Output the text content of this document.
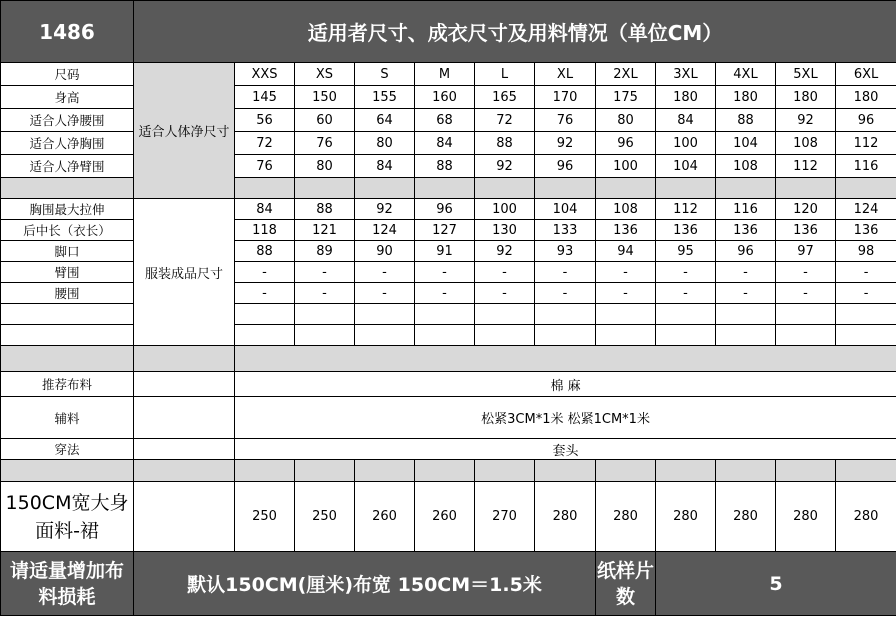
1486	适用者尺寸、成衣尺寸及用料情况（单位CM）											
尺码	适合人体净尺寸	XXS	XS	S	M	L	XL	2XL	3XL	4XL	5XL	6XL
身高		145	150	155	160	165	170	175	180	180	180	180
适合人净腰围		56	60	64	68	72	76	80	84	88	92	96
适合人净胸围		72	76	80	84	88	92	96	100	104	108	112
适合人净臂围		76	80	84	88	92	96	100	104	108	112	116

胸围最大拉伸	服装成品尺寸	84	88	92	96	100	104	108	112	116	120	124
后中长（衣长）		118	121	124	127	130	133	136	136	136	136	136
脚口		88	89	90	91	92	93	94	95	96	97	98
臂围		-	-	-	-	-	-	-	-	-	-	-
腰围		-	-	-	-	-	-	-	-	-	-	-

推荐布料		棉 麻										
辅料		松紧3CM*1米 松紧1CM*1米										
穿法		套头										

150CM宽大身面料-裙		250	250	260	260	270	280	280	280	280	280	280
请适量增加布料损耗	默认150CM(厘米)布宽 150CM＝1.5米							纸样片数	5			
